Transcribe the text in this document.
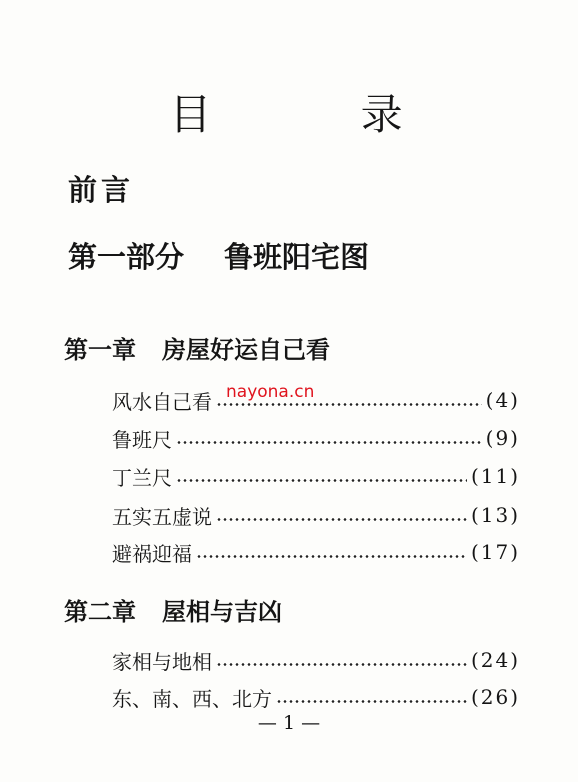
目 录
前言
第一部分 鲁班阳宅图
第一章 房屋好运自己看
风水自己看	(4)
鲁班尺	(9)
丁兰尺	(11)
五实五虚说	(13)
避祸迎福	(17)
第二章 屋相与吉凶
家相与地相	(24)
东、南、西、北方	(26)
nayona.cn
— 1 —
